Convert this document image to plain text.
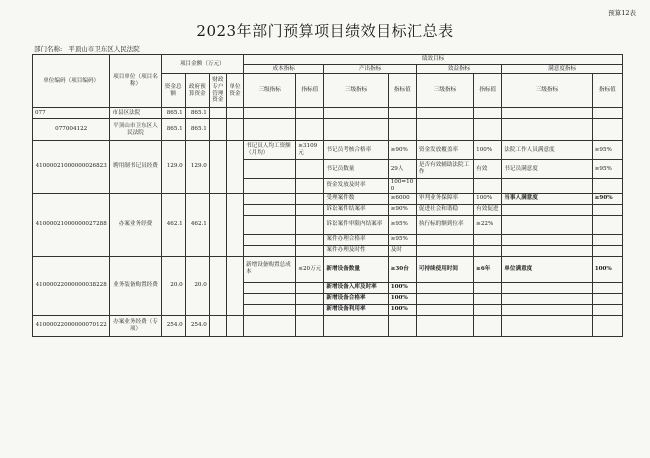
预算12表
2023年部门预算项目绩效目标汇总表
部门名称: 平顶山市卫东区人民法院
单位编码（项目编码）	项目单位（项目名称）	项目金额（万元）				绩效目标							
						成本指标		产出指标		效益指标		满意度指标	
		资金总额	政府预算资金	财政专户管理资金	单位资金	三级指标	指标值	三级指标	指标值	三级指标	指标值	三级指标	指标值
077	市县区法院	865.1	865.1										
077004122	平顶山市卫东区人民法院	865.1	865.1										
41000021000000026823	聘用制书记员经费	129.0	129.0			书记员人均工资额（月均）	≥3109元	书记员考核合格率	≥90%	资金发放覆盖率	100%	法院工作人员满意度	≥95%
								书记员数量	29人	是否有效辅助法院工作	有效	书记员满意度	≥95%
								资金发放及时率	100=100				
41000021000000027288	办案业务经费	462.1	462.1					受理案件数	≥6000	审判业务保障率	100%	当事人满意度	≥90%
								诉讼案件结案率	≥90%	促进社会和谐稳	有效促进		
								诉讼案件审限内结案率	≥95%	执行标的额到位率	≥22%		
								案件办理合格率	≥95%				
								案件办理及时性	及时				
41000022000000038228	业务装备购置经费	20.0	20.0			新增设备购置总成本	≤20万元	新增设备数量	≥30台	可持续使用时间	≥6年	单位满意度	100%
								新增设备入库及时率	100%				
								新增设备合格率	100%				
								新增设备利用率	100%				
41000022000000070122	办案业务经费（专项）	254.0	254.0										
